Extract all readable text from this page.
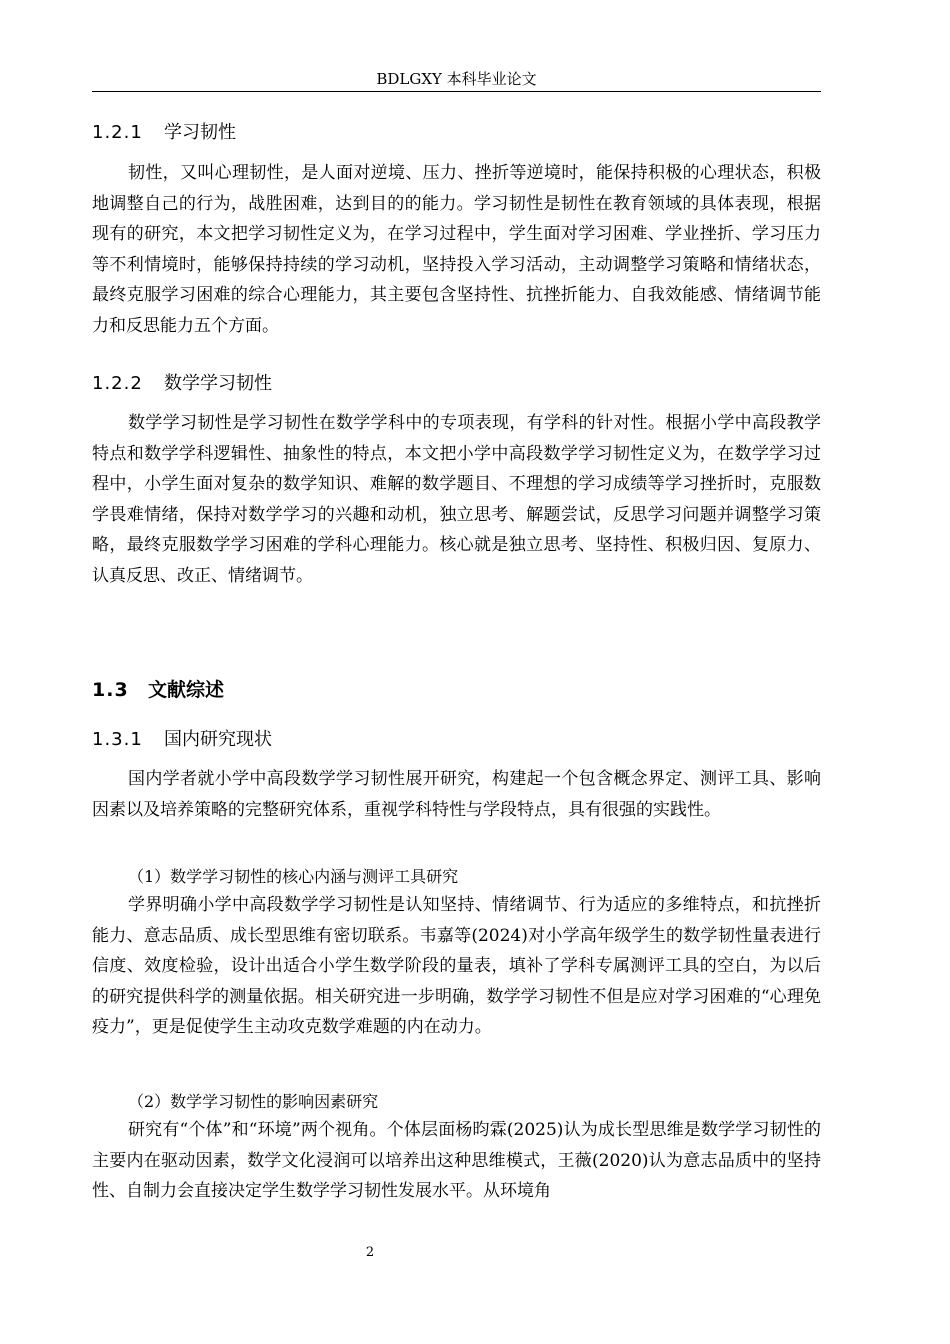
BDLGXY 本科毕业论文
1.2.1 学习韧性

韧性，又叫心理韧性，是人面对逆境、压力、挫折等逆境时，能保持积极的心理状态，积极地调整自己的行为，战胜困难，达到目的的能力。学习韧性是韧性在教育领域的具体表现，根据现有的研究，本文把学习韧性定义为，在学习过程中，学生面对学习困难、学业挫折、学习压力等不利情境时，能够保持持续的学习动机，坚持投入学习活动，主动调整学习策略和情绪状态，最终克服学习困难的综合心理能力，其主要包含坚持性、抗挫折能力、自我效能感、情绪调节能力和反思能力五个方面。

1.2.2 数学学习韧性

数学学习韧性是学习韧性在数学学科中的专项表现，有学科的针对性。根据小学中高段教学特点和数学学科逻辑性、抽象性的特点，本文把小学中高段数学学习韧性定义为，在数学学习过程中，小学生面对复杂的数学知识、难解的数学题目、不理想的学习成绩等学习挫折时，克服数学畏难情绪，保持对数学学习的兴趣和动机，独立思考、解题尝试，反思学习问题并调整学习策略，最终克服数学学习困难的学科心理能力。核心就是独立思考、坚持性、积极归因、复原力、认真反思、改正、情绪调节。

1.3 文献综述
1.3.1 国内研究现状

国内学者就小学中高段数学学习韧性展开研究，构建起一个包含概念界定、测评工具、影响因素以及培养策略的完整研究体系，重视学科特性与学段特点，具有很强的实践性。

（1）数学学习韧性的核心内涵与测评工具研究

学界明确小学中高段数学学习韧性是认知坚持、情绪调节、行为适应的多维特点，和抗挫折能力、意志品质、成长型思维有密切联系。韦嘉等(2024)对小学高年级学生的数学韧性量表进行信度、效度检验，设计出适合小学生数学阶段的量表，填补了学科专属测评工具的空白，为以后的研究提供科学的测量依据。相关研究进一步明确，数学学习韧性不但是应对学习困难的“心理免疫力”，更是促使学生主动攻克数学难题的内在动力。

（2）数学学习韧性的影响因素研究

研究有“个体”和“环境”两个视角。个体层面杨昀霖(2025)认为成长型思维是数学学习韧性的主要内在驱动因素，数学文化浸润可以培养出这种思维模式，王薇(2020)认为意志品质中的坚持性、自制力会直接决定学生数学学习韧性发展水平。从环境角

2
